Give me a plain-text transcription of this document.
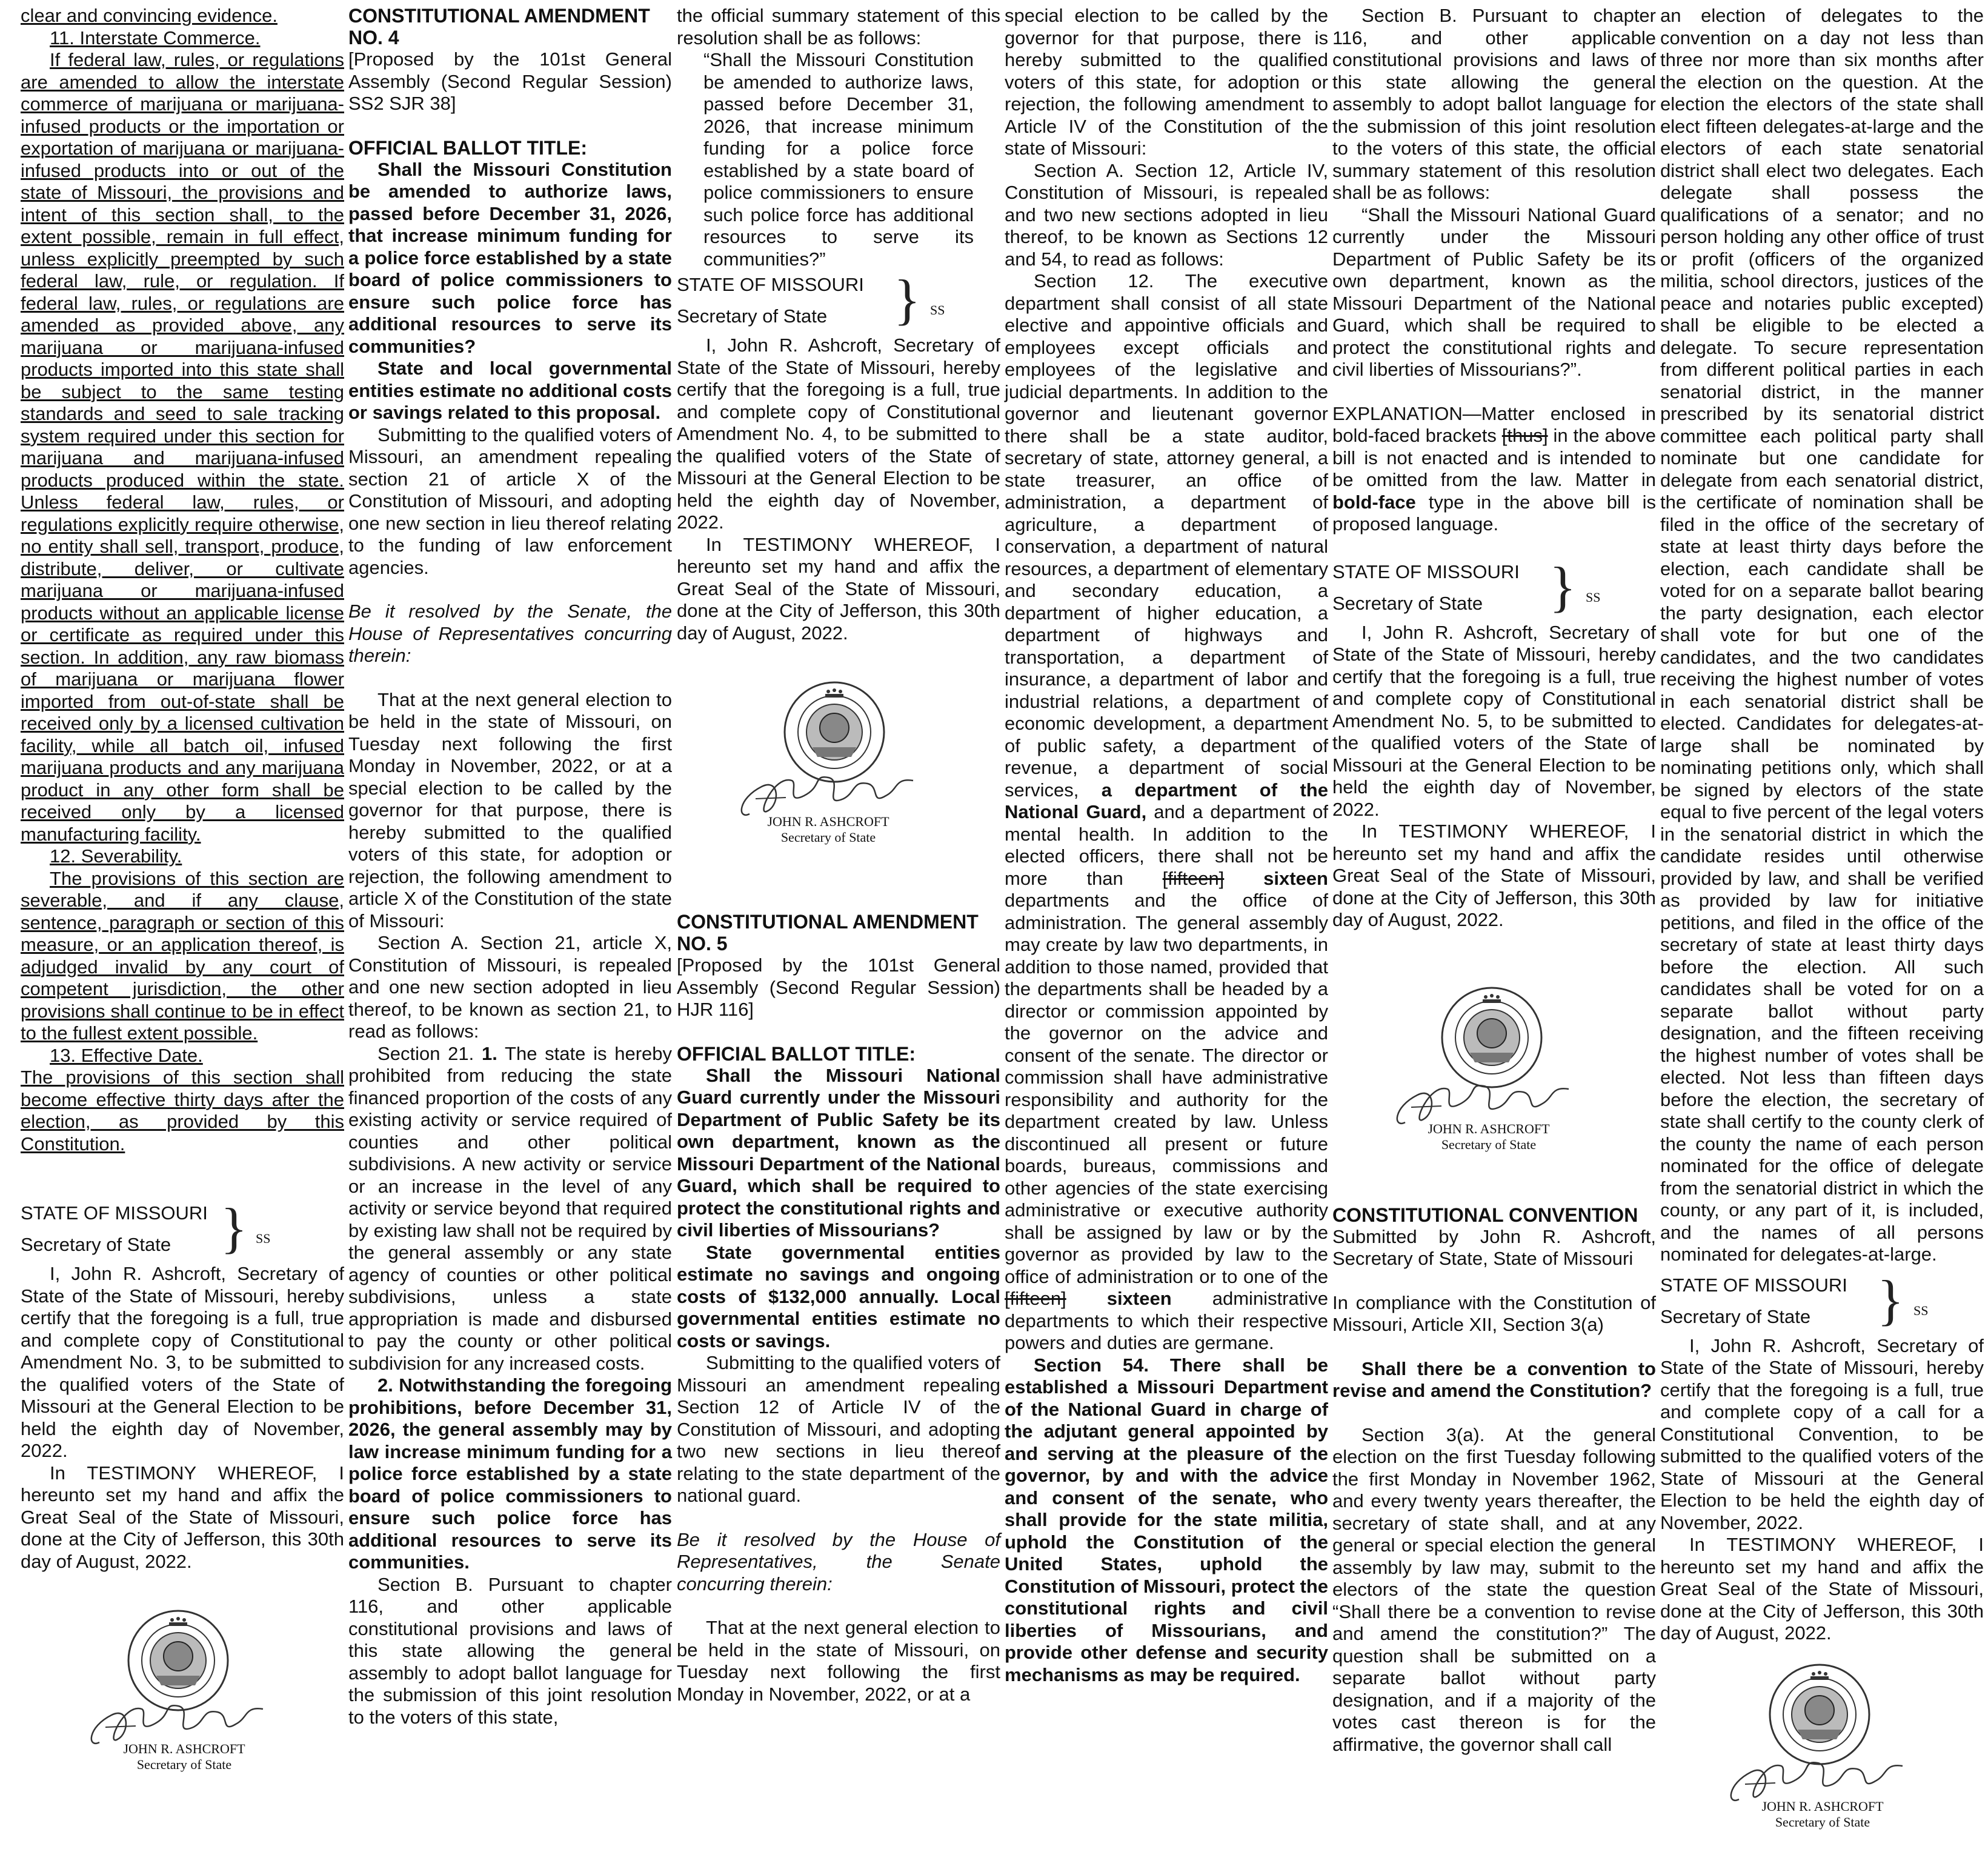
clear and convincing evidence.

11. Interstate Commerce.

If federal law, rules, or regulations are amended to allow the interstate commerce of marijuana or marijuana-infused products or the importation or exportation of marijuana or marijuana-infused products into or out of the state of Missouri, the provisions and intent of this section shall, to the extent possible, remain in full effect, unless explicitly preempted by such federal law, rule, or regulation. If federal law, rules, or regulations are amended as provided above, any marijuana or marijuana-infused products imported into this state shall be subject to the same testing standards and seed to sale tracking system required under this section for marijuana and marijuana-infused products produced within the state. Unless federal law, rules, or regulations explicitly require otherwise, no entity shall sell, transport, produce, distribute, deliver, or cultivate marijuana or marijuana-infused products without an applicable license or certificate as required under this section. In addition, any raw biomass of marijuana or marijuana flower imported from out-of-state shall be received only by a licensed cultivation facility, while all batch oil, infused marijuana products and any marijuana product in any other form shall be received only by a licensed manufacturing facility.

12. Severability.

The provisions of this section are severable, and if any clause, sentence, paragraph or section of this measure, or an application thereof, is adjudged invalid by any court of competent jurisdiction, the other provisions shall continue to be in effect to the fullest extent possible.

13. Effective Date.

The provisions of this section shall become effective thirty days after the election, as provided by this Constitution.

STATE OF MISSOURI
Secretary of State } SS

I, John R. Ashcroft, Secretary of State of the State of Missouri, hereby certify that the foregoing is a full, true and complete copy of Constitutional Amendment No. 3, to be submitted to the qualified voters of the State of Missouri at the General Election to be held the eighth day of November, 2022.

In TESTIMONY WHEREOF, I hereunto set my hand and affix the Great Seal of the State of Missouri, done at the City of Jefferson, this 30th day of August, 2022.

JOHN R. ASHCROFT
Secretary of State

CONSTITUTIONAL AMENDMENT NO. 4

[Proposed by the 101st General Assembly (Second Regular Session) SS2 SJR 38]

OFFICIAL BALLOT TITLE:

Shall the Missouri Constitution be amended to authorize laws, passed before December 31, 2026, that increase minimum funding for a police force established by a state board of police commissioners to ensure such police force has additional resources to serve its communities?

State and local governmental entities estimate no additional costs or savings related to this proposal.

Submitting to the qualified voters of Missouri, an amendment repealing section 21 of article X of the Constitution of Missouri, and adopting one new section in lieu thereof relating to the funding of law enforcement agencies.

Be it resolved by the Senate, the House of Representatives concurring therein:

That at the next general election to be held in the state of Missouri, on Tuesday next following the first Monday in November, 2022, or at a special election to be called by the governor for that purpose, there is hereby submitted to the qualified voters of this state, for adoption or rejection, the following amendment to article X of the Constitution of the state of Missouri:

Section A. Section 21, article X, Constitution of Missouri, is repealed and one new section adopted in lieu thereof, to be known as section 21, to read as follows:

Section 21. 1. The state is hereby prohibited from reducing the state financed proportion of the costs of any existing activity or service required of counties and other political subdivisions. A new activity or service or an increase in the level of any activity or service beyond that required by existing law shall not be required by the general assembly or any state agency of counties or other political subdivisions, unless a state appropriation is made and disbursed to pay the county or other political subdivision for any increased costs.

2. Notwithstanding the foregoing prohibitions, before December 31, 2026, the general assembly may by law increase minimum funding for a police force established by a state board of police commissioners to ensure such police force has additional resources to serve its communities.

Section B. Pursuant to chapter 116, and other applicable constitutional provisions and laws of this state allowing the general assembly to adopt ballot language for the submission of this joint resolution to the voters of this state,

the official summary statement of this resolution shall be as follows:

“Shall the Missouri Constitution be amended to authorize laws, passed before December 31, 2026, that increase minimum funding for a police force established by a state board of police commissioners to ensure such police force has additional resources to serve its communities?”

STATE OF MISSOURI
Secretary of State } SS

I, John R. Ashcroft, Secretary of State of the State of Missouri, hereby certify that the foregoing is a full, true and complete copy of Constitutional Amendment No. 4, to be submitted to the qualified voters of the State of Missouri at the General Election to be held the eighth day of November, 2022.

In TESTIMONY WHEREOF, I hereunto set my hand and affix the Great Seal of the State of Missouri, done at the City of Jefferson, this 30th day of August, 2022.

JOHN R. ASHCROFT
Secretary of State

CONSTITUTIONAL AMENDMENT NO. 5

[Proposed by the 101st General Assembly (Second Regular Session) HJR 116]

OFFICIAL BALLOT TITLE:

Shall the Missouri National Guard currently under the Missouri Department of Public Safety be its own department, known as the Missouri Department of the National Guard, which shall be required to protect the constitutional rights and civil liberties of Missourians?

State governmental entities estimate no savings and ongoing costs of $132,000 annually. Local governmental entities estimate no costs or savings.

Submitting to the qualified voters of Missouri an amendment repealing Section 12 of Article IV of the Constitution of Missouri, and adopting two new sections in lieu thereof relating to the state department of the national guard.

Be it resolved by the House of Representatives, the Senate concurring therein:

That at the next general election to be held in the state of Missouri, on Tuesday next following the first Monday in November, 2022, or at a

special election to be called by the governor for that purpose, there is hereby submitted to the qualified voters of this state, for adoption or rejection, the following amendment to Article IV of the Constitution of the state of Missouri:

Section A. Section 12, Article IV, Constitution of Missouri, is repealed and two new sections adopted in lieu thereof, to be known as Sections 12 and 54, to read as follows:

Section 12. The executive department shall consist of all state elective and appointive officials and employees except officials and employees of the legislative and judicial departments. In addition to the governor and lieutenant governor there shall be a state auditor, secretary of state, attorney general, a state treasurer, an office of administration, a department of agriculture, a department of conservation, a department of natural resources, a department of elementary and secondary education, a department of higher education, a department of highways and transportation, a department of insurance, a department of labor and industrial relations, a department of economic development, a department of public safety, a department of revenue, a department of social services, a department of the National Guard, and a department of mental health. In addition to the elected officers, there shall not be more than [fifteen] sixteen departments and the office of administration. The general assembly may create by law two departments, in addition to those named, provided that the departments shall be headed by a director or commission appointed by the governor on the advice and consent of the senate. The director or commission shall have administrative responsibility and authority for the department created by law. Unless discontinued all present or future boards, bureaus, commissions and other agencies of the state exercising administrative or executive authority shall be assigned by law or by the governor as provided by law to the office of administration or to one of the [fifteen] sixteen administrative departments to which their respective powers and duties are germane.

Section 54. There shall be established a Missouri Department of the National Guard in charge of the adjutant general appointed by and serving at the pleasure of the governor, by and with the advice and consent of the senate, who shall provide for the state militia, uphold the Constitution of the United States, uphold the Constitution of Missouri, protect the constitutional rights and civil liberties of Missourians, and provide other defense and security mechanisms as may be required.

Section B. Pursuant to chapter 116, and other applicable constitutional provisions and laws of this state allowing the general assembly to adopt ballot language for the submission of this joint resolution to the voters of this state, the official summary statement of this resolution shall be as follows:

“Shall the Missouri National Guard currently under the Missouri Department of Public Safety be its own department, known as the Missouri Department of the National Guard, which shall be required to protect the constitutional rights and civil liberties of Missourians?”.

EXPLANATION—Matter enclosed in bold-faced brackets [thus] in the above bill is not enacted and is intended to be omitted from the law. Matter in bold-face type in the above bill is proposed language.

STATE OF MISSOURI
Secretary of State } SS

I, John R. Ashcroft, Secretary of State of the State of Missouri, hereby certify that the foregoing is a full, true and complete copy of Constitutional Amendment No. 5, to be submitted to the qualified voters of the State of Missouri at the General Election to be held the eighth day of November, 2022.

In TESTIMONY WHEREOF, I hereunto set my hand and affix the Great Seal of the State of Missouri, done at the City of Jefferson, this 30th day of August, 2022.

JOHN R. ASHCROFT
Secretary of State

CONSTITUTIONAL CONVENTION

Submitted by John R. Ashcroft, Secretary of State, State of Missouri

In compliance with the Constitution of Missouri, Article XII, Section 3(a)

Shall there be a convention to revise and amend the Constitution?

Section 3(a). At the general election on the first Tuesday following the first Monday in November 1962, and every twenty years thereafter, the secretary of state shall, and at any general or special election the general assembly by law may, submit to the electors of the state the question “Shall there be a convention to revise and amend the constitution?” The question shall be submitted on a separate ballot without party designation, and if a majority of the votes cast thereon is for the affirmative, the governor shall call

an election of delegates to the convention on a day not less than three nor more than six months after the election on the question. At the election the electors of the state shall elect fifteen delegates-at-large and the electors of each state senatorial district shall elect two delegates. Each delegate shall possess the qualifications of a senator; and no person holding any other office of trust or profit (officers of the organized militia, school directors, justices of the peace and notaries public excepted) shall be eligible to be elected a delegate. To secure representation from different political parties in each senatorial district, in the manner prescribed by its senatorial district committee each political party shall nominate but one candidate for delegate from each senatorial district, the certificate of nomination shall be filed in the office of the secretary of state at least thirty days before the election, each candidate shall be voted for on a separate ballot bearing the party designation, each elector shall vote for but one of the candidates, and the two candidates receiving the highest number of votes in each senatorial district shall be elected. Candidates for delegates-at-large shall be nominated by nominating petitions only, which shall be signed by electors of the state equal to five percent of the legal voters in the senatorial district in which the candidate resides until otherwise provided by law, and shall be verified as provided by law for initiative petitions, and filed in the office of the secretary of state at least thirty days before the election. All such candidates shall be voted for on a separate ballot without party designation, and the fifteen receiving the highest number of votes shall be elected. Not less than fifteen days before the election, the secretary of state shall certify to the county clerk of the county the name of each person nominated for the office of delegate from the senatorial district in which the county, or any part of it, is included, and the names of all persons nominated for delegates-at-large.

STATE OF MISSOURI
Secretary of State } SS

I, John R. Ashcroft, Secretary of State of the State of Missouri, hereby certify that the foregoing is a full, true and complete copy of a call for a Constitutional Convention, to be submitted to the qualified voters of the State of Missouri at the General Election to be held the eighth day of November, 2022.

In TESTIMONY WHEREOF, I hereunto set my hand and affix the Great Seal of the State of Missouri, done at the City of Jefferson, this 30th day of August, 2022.

JOHN R. ASHCROFT
Secretary of State
